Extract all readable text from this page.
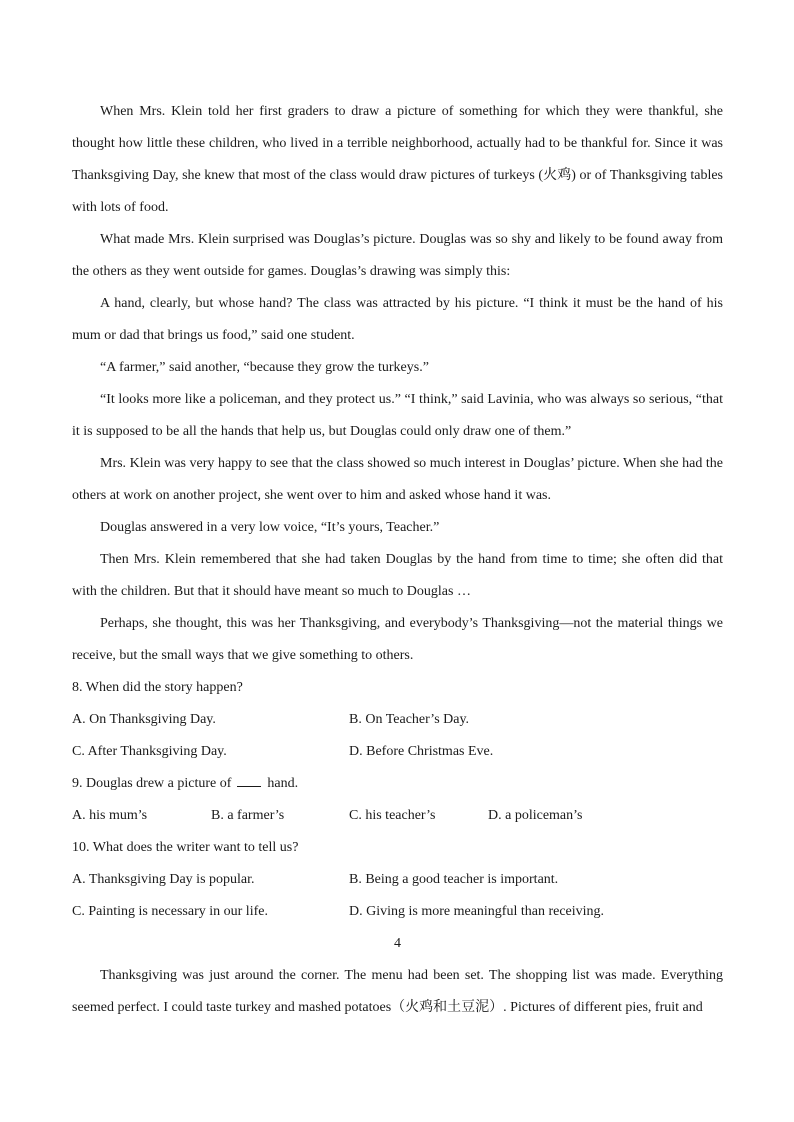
When Mrs. Klein told her first graders to draw a picture of something for which they were thankful, she thought how little these children, who lived in a terrible neighborhood, actually had to be thankful for. Since it was Thanksgiving Day, she knew that most of the class would draw pictures of turkeys (火鸡) or of Thanksgiving tables with lots of food.

What made Mrs. Klein surprised was Douglas’s picture. Douglas was so shy and likely to be found away from the others as they went outside for games. Douglas’s drawing was simply this:

A hand, clearly, but whose hand? The class was attracted by his picture. “I think it must be the hand of his mum or dad that brings us food,” said one student.

“A farmer,” said another, “because they grow the turkeys.”

“It looks more like a policeman, and they protect us.” “I think,” said Lavinia, who was always so serious, “that it is supposed to be all the hands that help us, but Douglas could only draw one of them.”

Mrs. Klein was very happy to see that the class showed so much interest in Douglas’ picture. When she had the others at work on another project, she went over to him and asked whose hand it was.

Douglas answered in a very low voice, “It’s yours, Teacher.”

Then Mrs. Klein remembered that she had taken Douglas by the hand from time to time; she often did that with the children. But that it should have meant so much to Douglas …

Perhaps, she thought, this was her Thanksgiving, and everybody’s Thanksgiving—not the material things we receive, but the small ways that we give something to others.

8. When did the story happen?

A. On Thanksgiving Day.	B. On Teacher’s Day.
C. After Thanksgiving Day.	D. Before Christmas Eve.

9. Douglas drew a picture of	hand.

A. his mum’s	B. a farmer’s	C. his teacher’s	D. a policeman’s

10. What does the writer want to tell us?

A. Thanksgiving Day is popular.	B. Being a good teacher is important.
C. Painting is necessary in our life.	D. Giving is more meaningful than receiving.
4

Thanksgiving was just around the corner. The menu had been set. The shopping list was made. Everything seemed perfect. I could taste turkey and mashed potatoes（火鸡和土豆泥）. Pictures of different pies, fruit and
